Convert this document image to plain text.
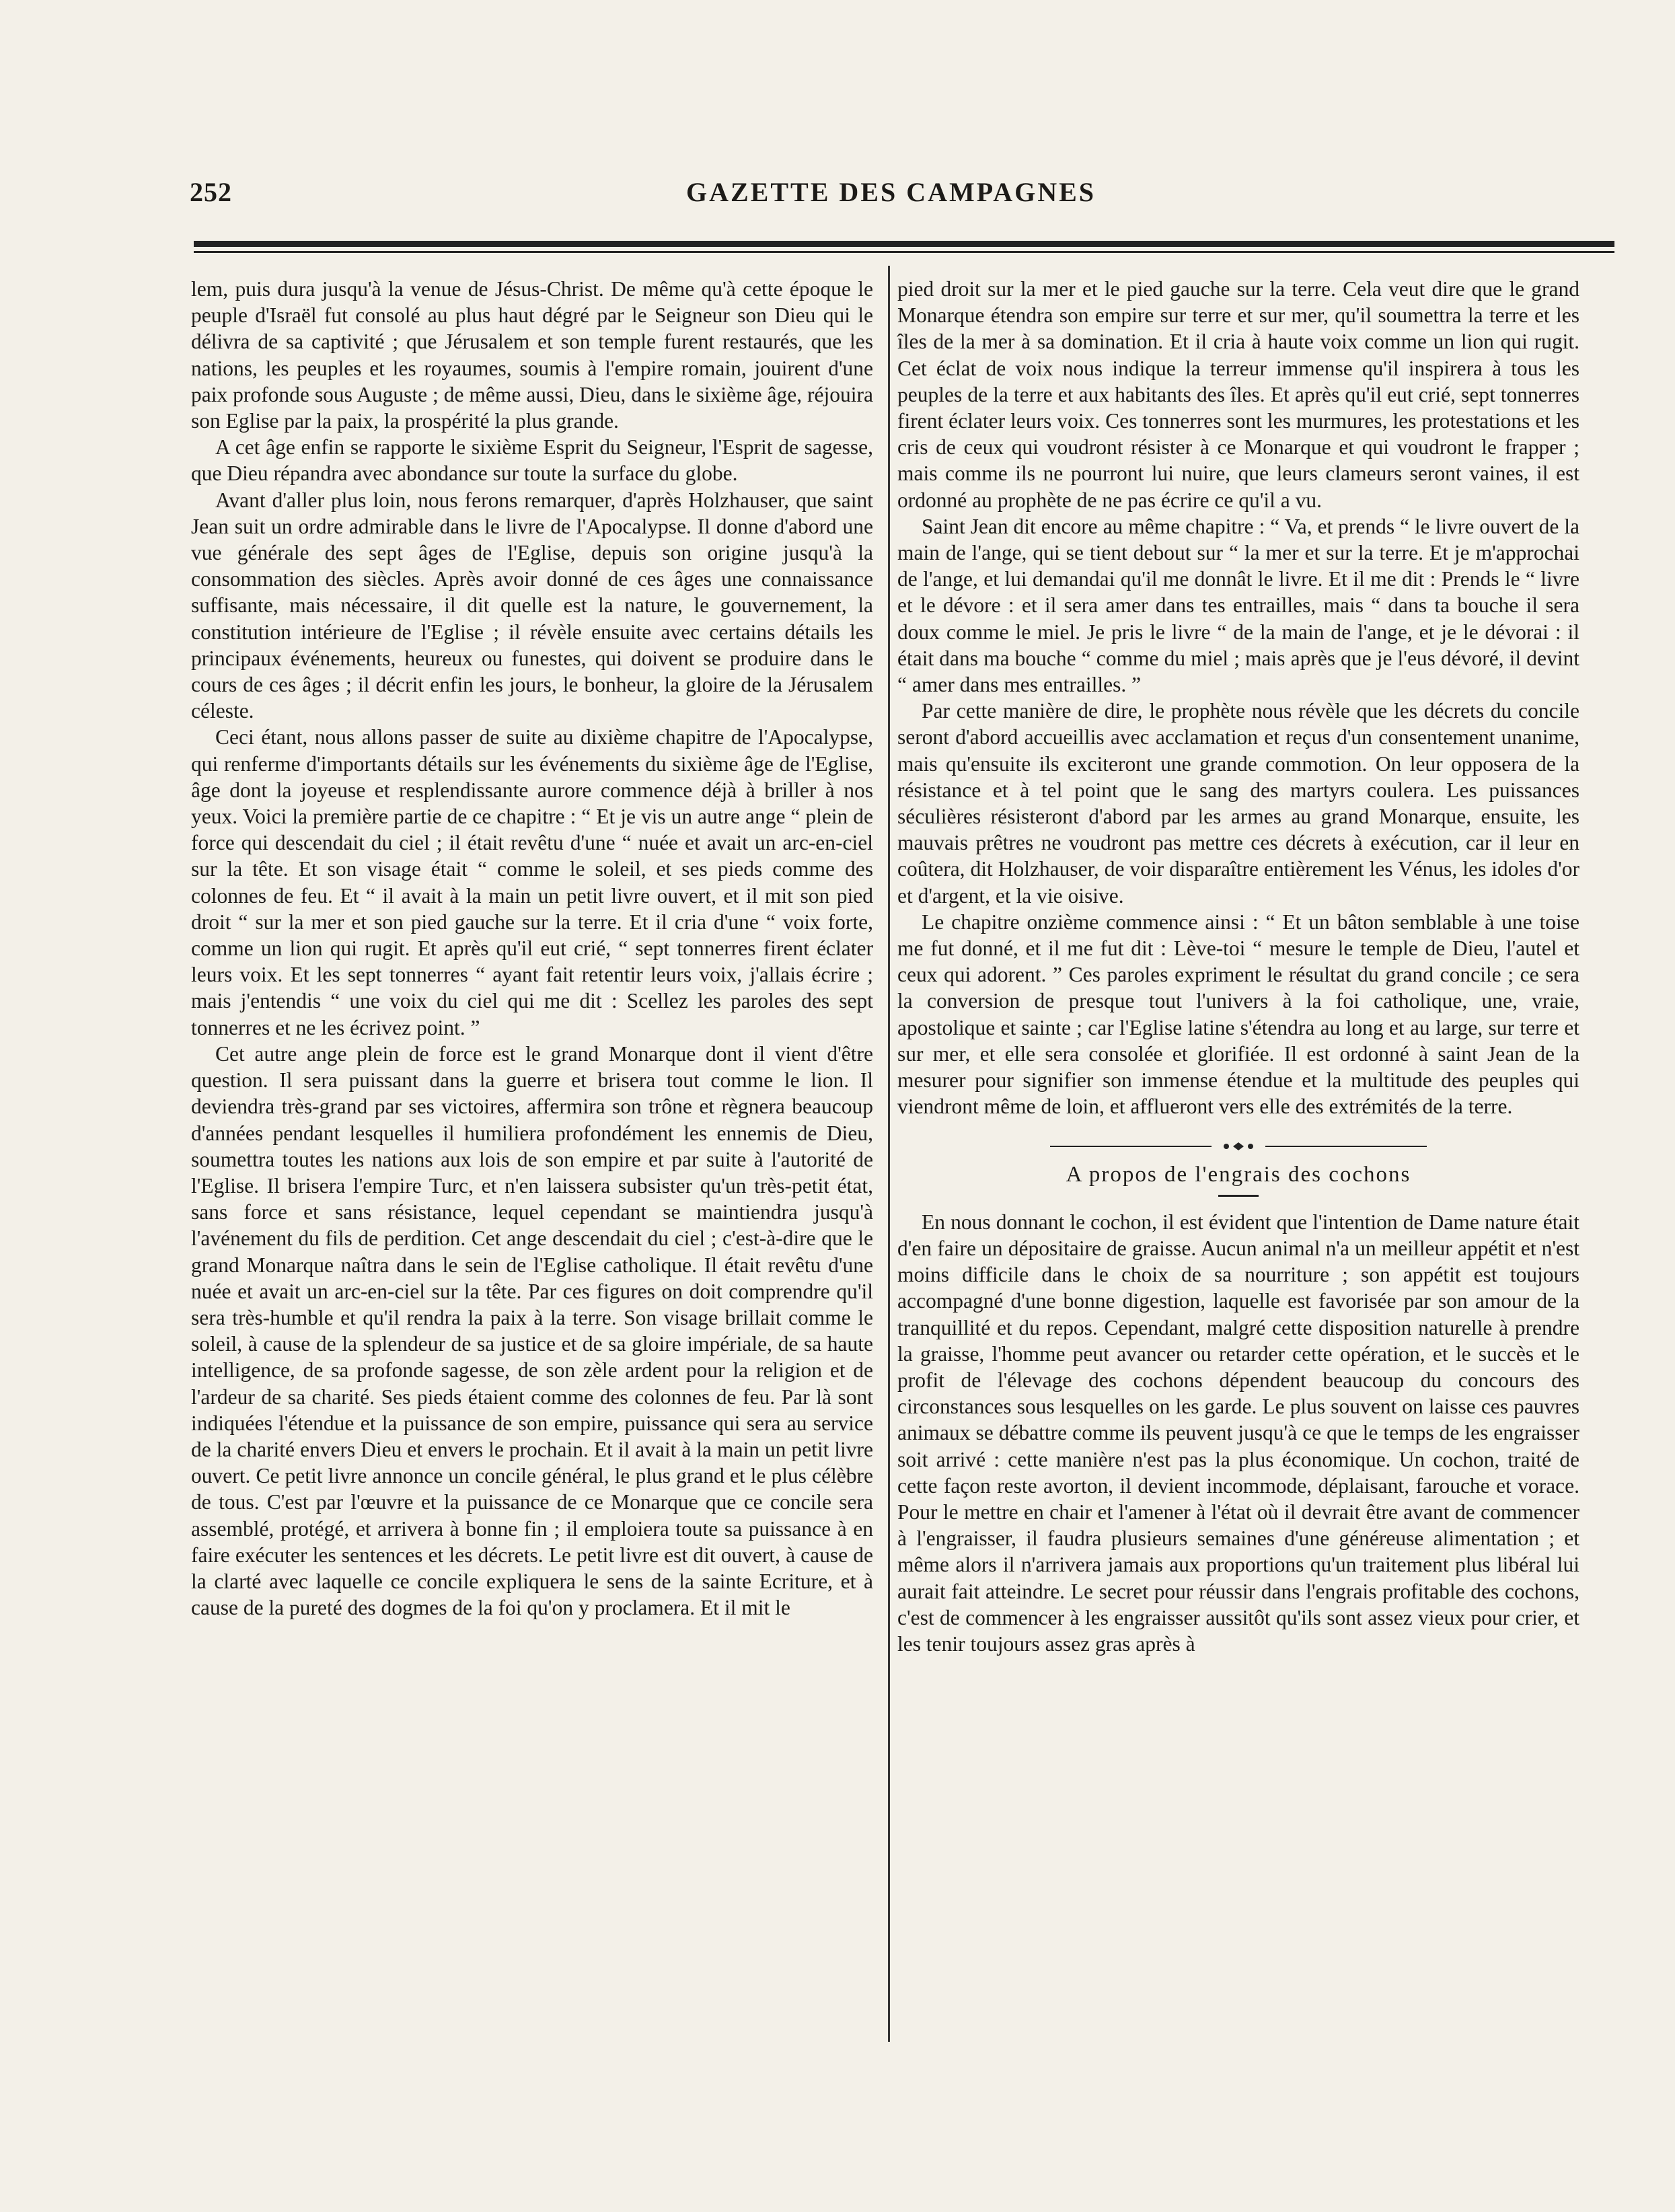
252	GAZETTE DES CAMPAGNES

lem, puis dura jusqu'à la venue de Jésus-Christ. De même qu'à cette époque le peuple d'Israël fut consolé au plus haut dégré par le Seigneur son Dieu qui le délivra de sa captivité ; que Jérusalem et son temple furent restaurés, que les nations, les peuples et les royaumes, soumis à l'empire romain, jouirent d'une paix profonde sous Auguste ; de même aussi, Dieu, dans le sixième âge, réjouira son Eglise par la paix, la prospérité la plus grande.

A cet âge enfin se rapporte le sixième Esprit du Seigneur, l'Esprit de sagesse, que Dieu répandra avec abondance sur toute la surface du globe.

Avant d'aller plus loin, nous ferons remarquer, d'après Holzhauser, que saint Jean suit un ordre admirable dans le livre de l'Apocalypse. Il donne d'abord une vue générale des sept âges de l'Eglise, depuis son origine jusqu'à la consommation des siècles. Après avoir donné de ces âges une connaissance suffisante, mais nécessaire, il dit quelle est la nature, le gouvernement, la constitution intérieure de l'Eglise ; il révèle ensuite avec certains détails les principaux événements, heureux ou funestes, qui doivent se produire dans le cours de ces âges ; il décrit enfin les jours, le bonheur, la gloire de la Jérusalem céleste.

Ceci étant, nous allons passer de suite au dixième chapitre de l'Apocalypse, qui renferme d'importants détails sur les événements du sixième âge de l'Eglise, âge dont la joyeuse et resplendissante aurore commence déjà à briller à nos yeux. Voici la première partie de ce chapitre : “ Et je vis un autre ange “ plein de force qui descendait du ciel ; il était revêtu d'une “ nuée et avait un arc-en-ciel sur la tête. Et son visage était “ comme le soleil, et ses pieds comme des colonnes de feu. Et “ il avait à la main un petit livre ouvert, et il mit son pied droit “ sur la mer et son pied gauche sur la terre. Et il cria d'une “ voix forte, comme un lion qui rugit. Et après qu'il eut crié, “ sept tonnerres firent éclater leurs voix. Et les sept tonnerres “ ayant fait retentir leurs voix, j'allais écrire ; mais j'entendis “ une voix du ciel qui me dit : Scellez les paroles des sept tonnerres et ne les écrivez point. ”

Cet autre ange plein de force est le grand Monarque dont il vient d'être question. Il sera puissant dans la guerre et brisera tout comme le lion. Il deviendra très-grand par ses victoires, affermira son trône et règnera beaucoup d'années pendant lesquelles il humiliera profondément les ennemis de Dieu, soumettra toutes les nations aux lois de son empire et par suite à l'autorité de l'Eglise. Il brisera l'empire Turc, et n'en laissera subsister qu'un très-petit état, sans force et sans résistance, lequel cependant se maintiendra jusqu'à l'avénement du fils de perdition. Cet ange descendait du ciel ; c'est-à-dire que le grand Monarque naîtra dans le sein de l'Eglise catholique. Il était revêtu d'une nuée et avait un arc-en-ciel sur la tête. Par ces figures on doit comprendre qu'il sera très-humble et qu'il rendra la paix à la terre. Son visage brillait comme le soleil, à cause de la splendeur de sa justice et de sa gloire impériale, de sa haute intelligence, de sa profonde sagesse, de son zèle ardent pour la religion et de l'ardeur de sa charité. Ses pieds étaient comme des colonnes de feu. Par là sont indiquées l'étendue et la puissance de son empire, puissance qui sera au service de la charité envers Dieu et envers le prochain. Et il avait à la main un petit livre ouvert. Ce petit livre annonce un concile général, le plus grand et le plus célèbre de tous. C'est par l'œuvre et la puissance de ce Monarque que ce concile sera assemblé, protégé, et arrivera à bonne fin ; il emploiera toute sa puissance à en faire exécuter les sentences et les décrets. Le petit livre est dit ouvert, à cause de la clarté avec laquelle ce concile expliquera le sens de la sainte Ecriture, et à cause de la pureté des dogmes de la foi qu'on y proclamera. Et il mit le

pied droit sur la mer et le pied gauche sur la terre. Cela veut dire que le grand Monarque étendra son empire sur terre et sur mer, qu'il soumettra la terre et les îles de la mer à sa domination. Et il cria à haute voix comme un lion qui rugit. Cet éclat de voix nous indique la terreur immense qu'il inspirera à tous les peuples de la terre et aux habitants des îles. Et après qu'il eut crié, sept tonnerres firent éclater leurs voix. Ces tonnerres sont les murmures, les protestations et les cris de ceux qui voudront résister à ce Monarque et qui voudront le frapper ; mais comme ils ne pourront lui nuire, que leurs clameurs seront vaines, il est ordonné au prophète de ne pas écrire ce qu'il a vu.

Saint Jean dit encore au même chapitre : “ Va, et prends “ le livre ouvert de la main de l'ange, qui se tient debout sur “ la mer et sur la terre. Et je m'approchai de l'ange, et lui demandai qu'il me donnât le livre. Et il me dit : Prends le “ livre et le dévore : et il sera amer dans tes entrailles, mais “ dans ta bouche il sera doux comme le miel. Je pris le livre “ de la main de l'ange, et je le dévorai : il était dans ma bouche “ comme du miel ; mais après que je l'eus dévoré, il devint “ amer dans mes entrailles. ”

Par cette manière de dire, le prophète nous révèle que les décrets du concile seront d'abord accueillis avec acclamation et reçus d'un consentement unanime, mais qu'ensuite ils exciteront une grande commotion. On leur opposera de la résistance et à tel point que le sang des martyrs coulera. Les puissances séculières résisteront d'abord par les armes au grand Monarque, ensuite, les mauvais prêtres ne voudront pas mettre ces décrets à exécution, car il leur en coûtera, dit Holzhauser, de voir disparaître entièrement les Vénus, les idoles d'or et d'argent, et la vie oisive.

Le chapitre onzième commence ainsi : “ Et un bâton semblable à une toise me fut donné, et il me fut dit : Lève-toi “ mesure le temple de Dieu, l'autel et ceux qui adorent. ” Ces paroles expriment le résultat du grand concile ; ce sera la conversion de presque tout l'univers à la foi catholique, une, vraie, apostolique et sainte ; car l'Eglise latine s'étendra au long et au large, sur terre et sur mer, et elle sera consolée et glorifiée. Il est ordonné à saint Jean de la mesurer pour signifier son immense étendue et la multitude des peuples qui viendront même de loin, et afflueront vers elle des extrémités de la terre.

A propos de l'engrais des cochons

En nous donnant le cochon, il est évident que l'intention de Dame nature était d'en faire un dépositaire de graisse. Aucun animal n'a un meilleur appétit et n'est moins difficile dans le choix de sa nourriture ; son appétit est toujours accompagné d'une bonne digestion, laquelle est favorisée par son amour de la tranquillité et du repos. Cependant, malgré cette disposition naturelle à prendre la graisse, l'homme peut avancer ou retarder cette opération, et le succès et le profit de l'élevage des cochons dépendent beaucoup du concours des circonstances sous lesquelles on les garde. Le plus souvent on laisse ces pauvres animaux se débattre comme ils peuvent jusqu'à ce que le temps de les engraisser soit arrivé : cette manière n'est pas la plus économique. Un cochon, traité de cette façon reste avorton, il devient incommode, déplaisant, farouche et vorace. Pour le mettre en chair et l'amener à l'état où il devrait être avant de commencer à l'engraisser, il faudra plusieurs semaines d'une généreuse alimentation ; et même alors il n'arrivera jamais aux proportions qu'un traitement plus libéral lui aurait fait atteindre. Le secret pour réussir dans l'engrais profitable des cochons, c'est de commencer à les engraisser aussitôt qu'ils sont assez vieux pour crier, et les tenir toujours assez gras après à
